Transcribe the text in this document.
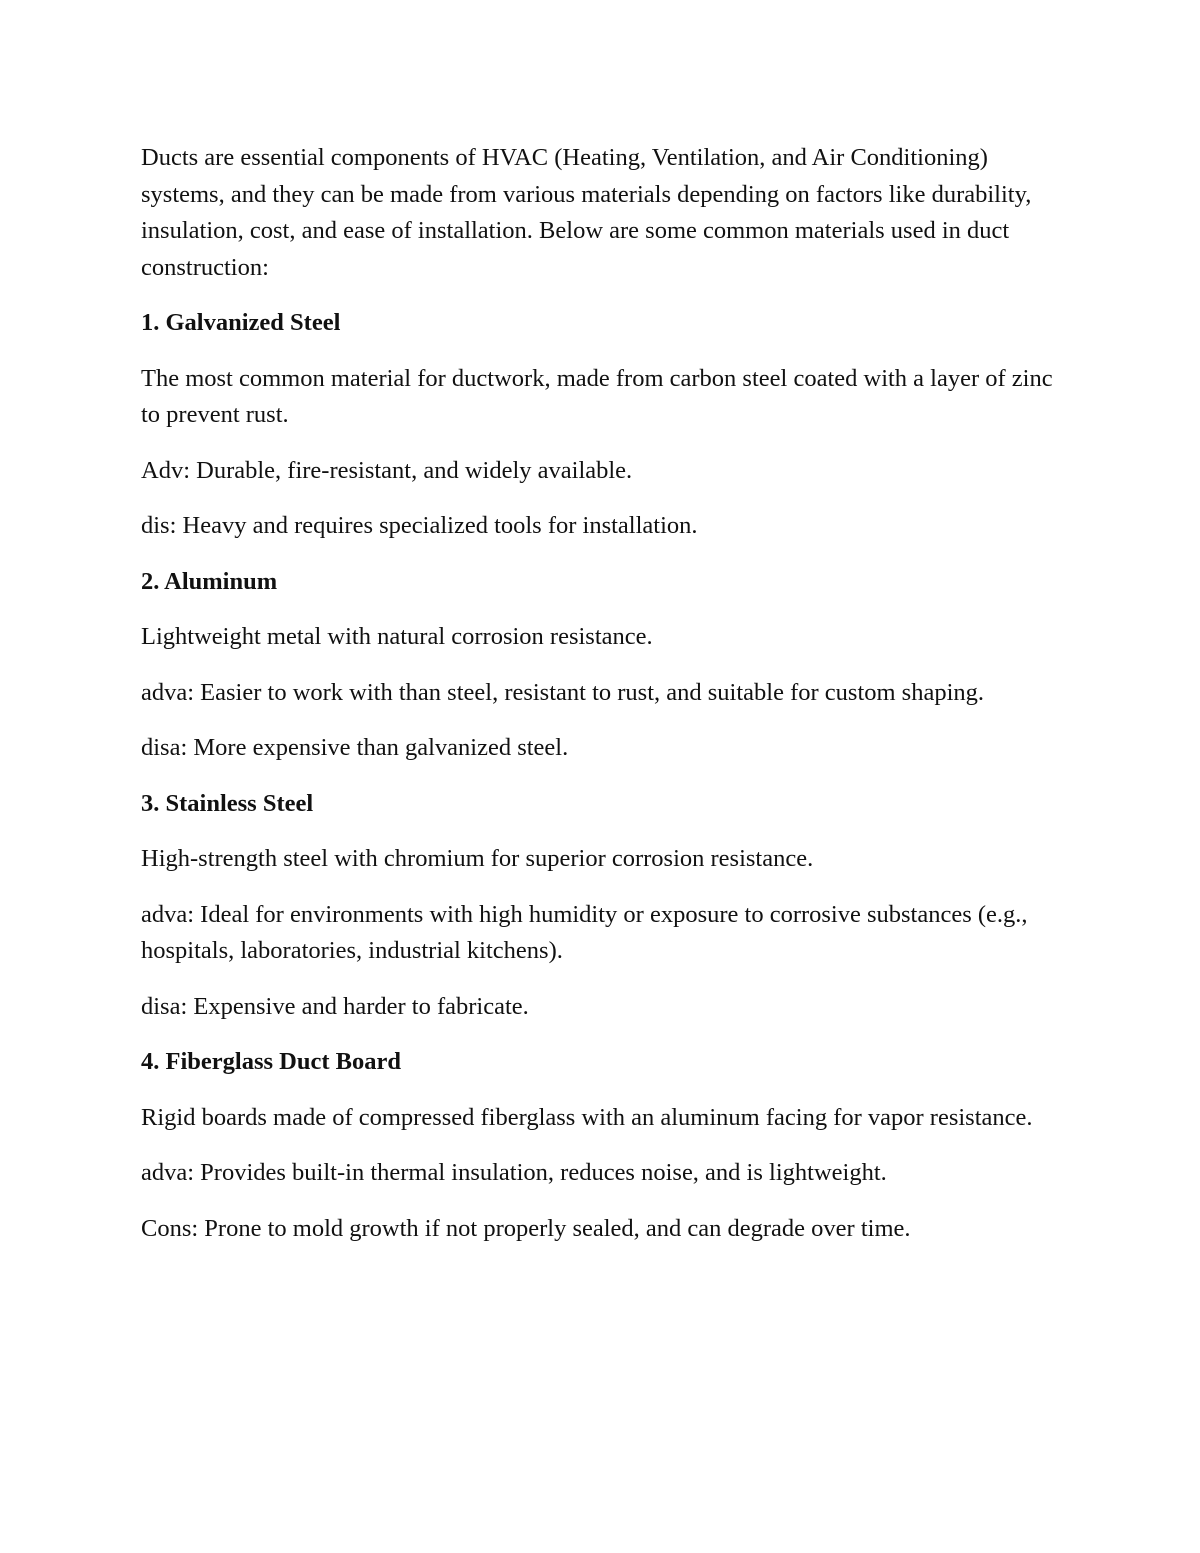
Ducts are essential components of HVAC (Heating, Ventilation, and Air Conditioning) systems, and they can be made from various materials depending on factors like durability, insulation, cost, and ease of installation. Below are some common materials used in duct construction:

1. Galvanized Steel

The most common material for ductwork, made from carbon steel coated with a layer of zinc to prevent rust.

Adv: Durable, fire-resistant, and widely available.

dis: Heavy and requires specialized tools for installation.

2. Aluminum

Lightweight metal with natural corrosion resistance.

adva: Easier to work with than steel, resistant to rust, and suitable for custom shaping.

disa: More expensive than galvanized steel.

3. Stainless Steel

High-strength steel with chromium for superior corrosion resistance.

adva: Ideal for environments with high humidity or exposure to corrosive substances (e.g., hospitals, laboratories, industrial kitchens).

disa: Expensive and harder to fabricate.

4. Fiberglass Duct Board

Rigid boards made of compressed fiberglass with an aluminum facing for vapor resistance.

adva: Provides built-in thermal insulation, reduces noise, and is lightweight.

Cons: Prone to mold growth if not properly sealed, and can degrade over time.
